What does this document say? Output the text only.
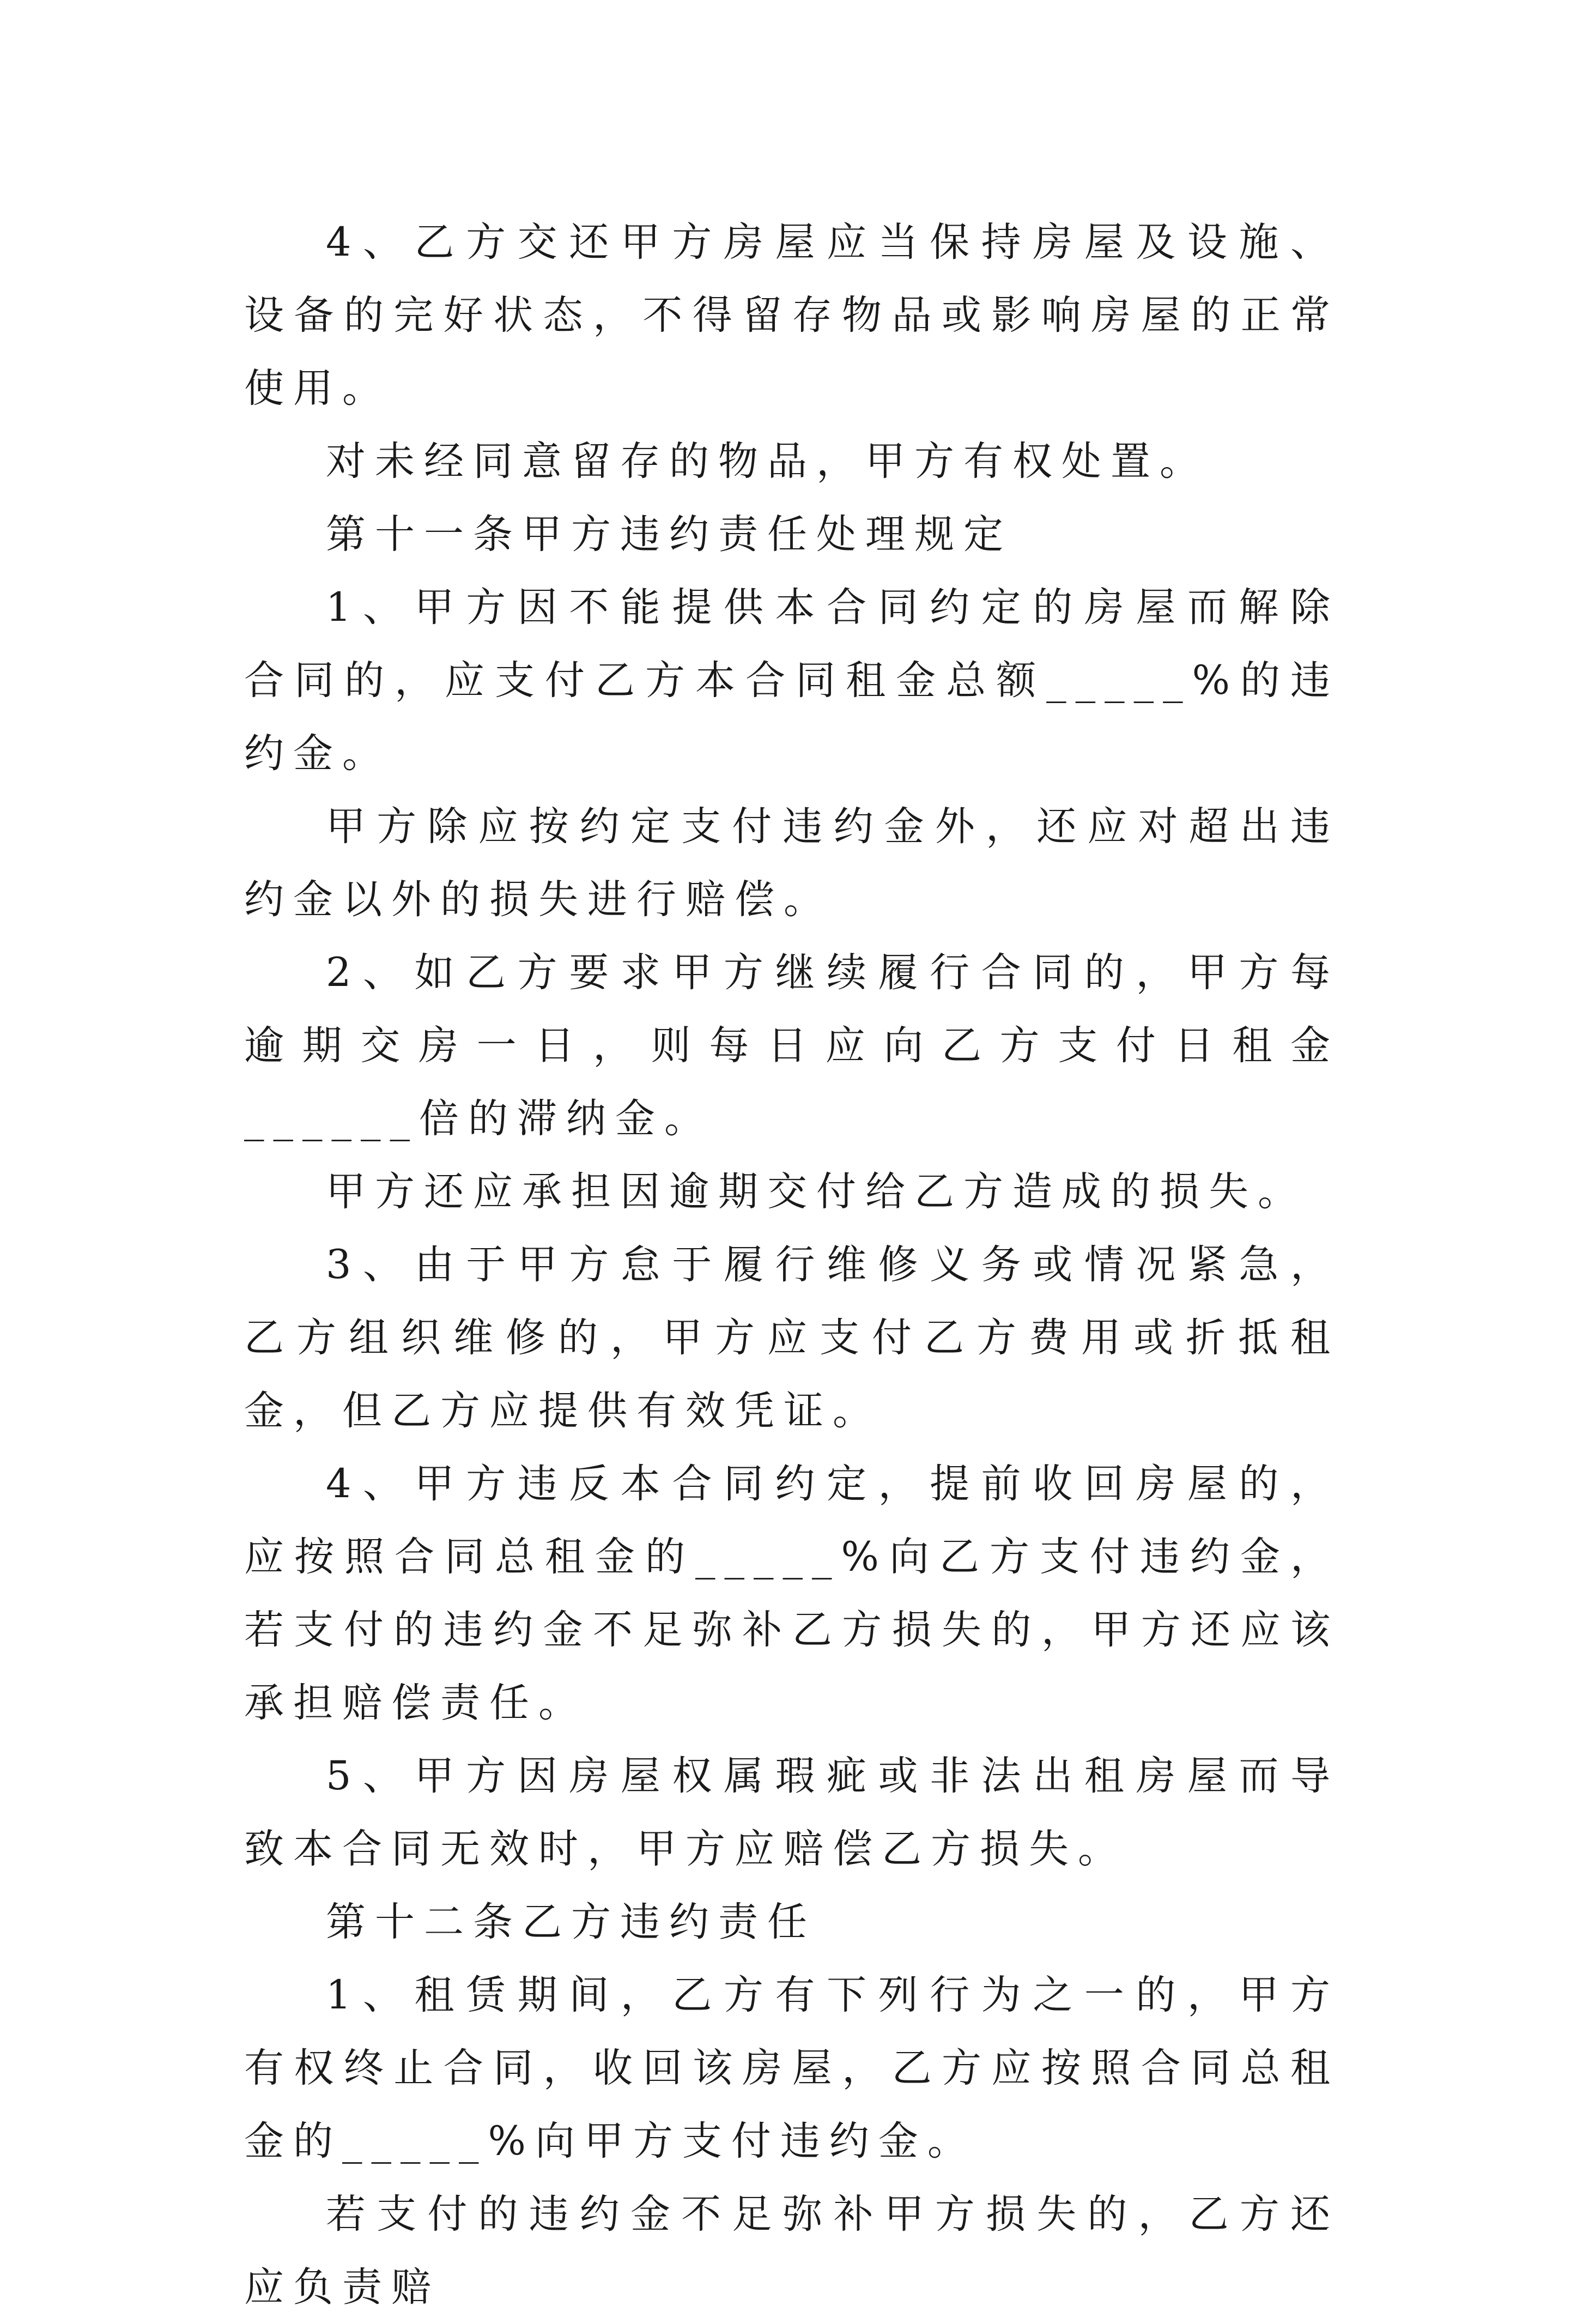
4、乙方交还甲方房屋应当保持房屋及设施、设备的完好状态，不得留存物品或影响房屋的正常使用。

对未经同意留存的物品，甲方有权处置。

第十一条甲方违约责任处理规定

1、甲方因不能提供本合同约定的房屋而解除合同的，应支付乙方本合同租金总额_____%的违约金。

甲方除应按约定支付违约金外，还应对超出违约金以外的损失进行赔偿。

2、如乙方要求甲方继续履行合同的，甲方每逾期交房一日，则每日应向乙方支付日租金______倍的滞纳金。

甲方还应承担因逾期交付给乙方造成的损失。

3、由于甲方怠于履行维修义务或情况紧急，乙方组织维修的，甲方应支付乙方费用或折抵租金，但乙方应提供有效凭证。

4、甲方违反本合同约定，提前收回房屋的，应按照合同总租金的_____%向乙方支付违约金，若支付的违约金不足弥补乙方损失的，甲方还应该承担赔偿责任。

5、甲方因房屋权属瑕疵或非法出租房屋而导致本合同无效时，甲方应赔偿乙方损失。

第十二条乙方违约责任

1、租赁期间，乙方有下列行为之一的，甲方有权终止合同，收回该房屋，乙方应按照合同总租金的_____%向甲方支付违约金。

若支付的违约金不足弥补甲方损失的，乙方还应负责赔
